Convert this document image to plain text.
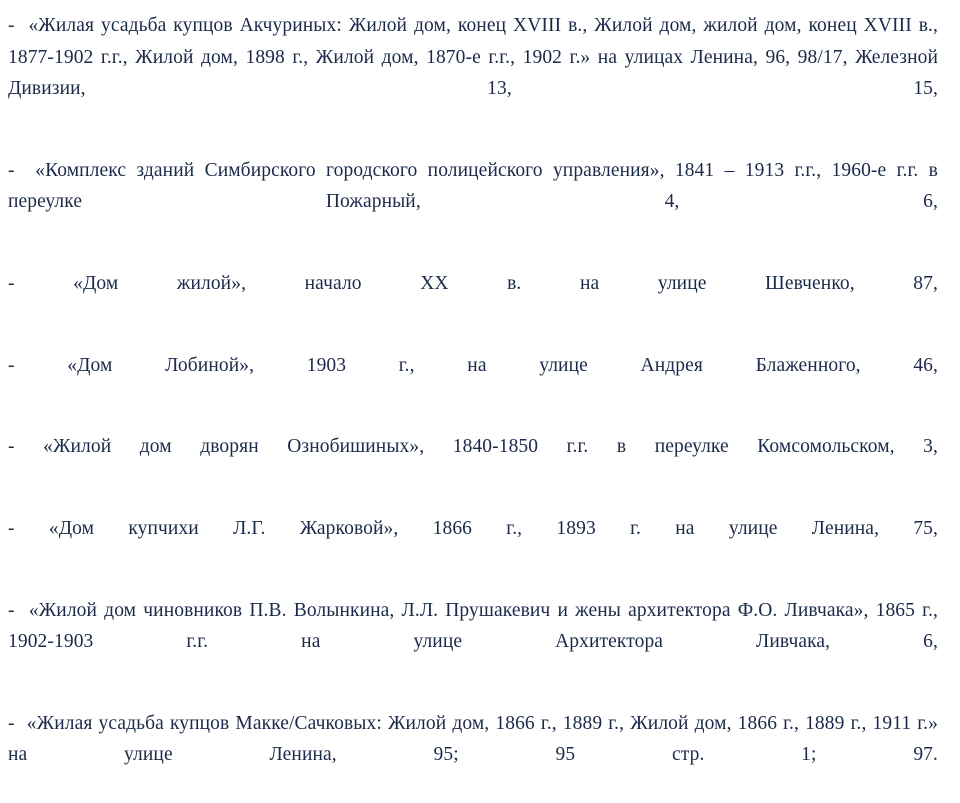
-  «Жилая усадьба купцов Акчуриных: Жилой дом, конец XVIII в., Жилой дом, жилой дом, конец XVIII в., 1877-1902 г.г., Жилой дом, 1898 г., Жилой дом, 1870-е г.г., 1902 г.» на улицах Ленина, 96, 98/17, Железной Дивизии, 13, 15,

-  «Комплекс зданий Симбирского городского полицейского управления», 1841 – 1913 г.г., 1960-е г.г. в переулке Пожарный, 4, 6,

- «Дом жилой», начало XX в. на улице Шевченко, 87,

- «Дом Лобиной», 1903 г., на улице Андрея Блаженного, 46,

- «Жилой дом дворян Ознобишиных», 1840-1850 г.г. в переулке Комсомольском, 3,

- «Дом купчихи Л.Г. Жарковой», 1866 г., 1893 г. на улице Ленина, 75,

-  «Жилой дом чиновников П.В. Волынкина, Л.Л. Прушакевич и жены архитектора Ф.О. Ливчака», 1865 г., 1902-1903 г.г. на улице Архитектора Ливчака, 6,

-  «Жилая усадьба купцов Макке/Сачковых: Жилой дом, 1866 г., 1889 г., Жилой дом, 1866 г., 1889 г., 1911 г.» на улице Ленина, 95; 95 стр. 1; 97.
